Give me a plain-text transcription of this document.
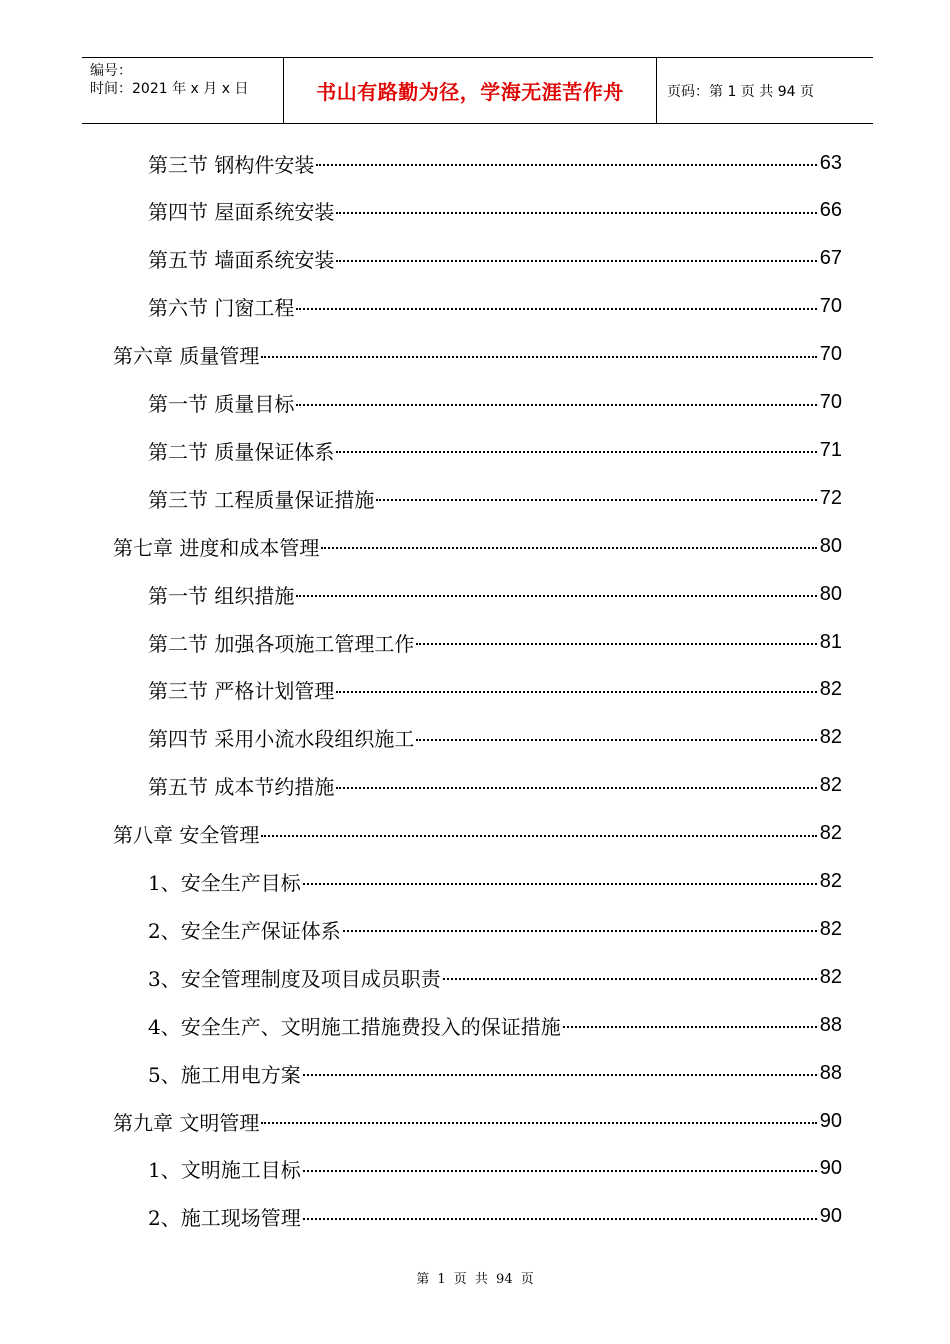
编号：
时间：2021 年 x 月 x 日	书山有路勤为径，学海无涯苦作舟	页码：第 1 页 共 94 页
第三节 钢构件安装	63
第四节 屋面系统安装	66
第五节 墙面系统安装	67
第六节 门窗工程	70
第六章 质量管理	70
第一节 质量目标	70
第二节 质量保证体系	71
第三节 工程质量保证措施	72
第七章 进度和成本管理	80
第一节 组织措施	80
第二节 加强各项施工管理工作	81
第三节 严格计划管理	82
第四节 采用小流水段组织施工	82
第五节 成本节约措施	82
第八章 安全管理	82
1、安全生产目标	82
2、安全生产保证体系	82
3、安全管理制度及项目成员职责	82
4、安全生产、文明施工措施费投入的保证措施	88
5、施工用电方案	88
第九章 文明管理	90
1、文明施工目标	90
2、施工现场管理	90
第 1 页 共 94 页
